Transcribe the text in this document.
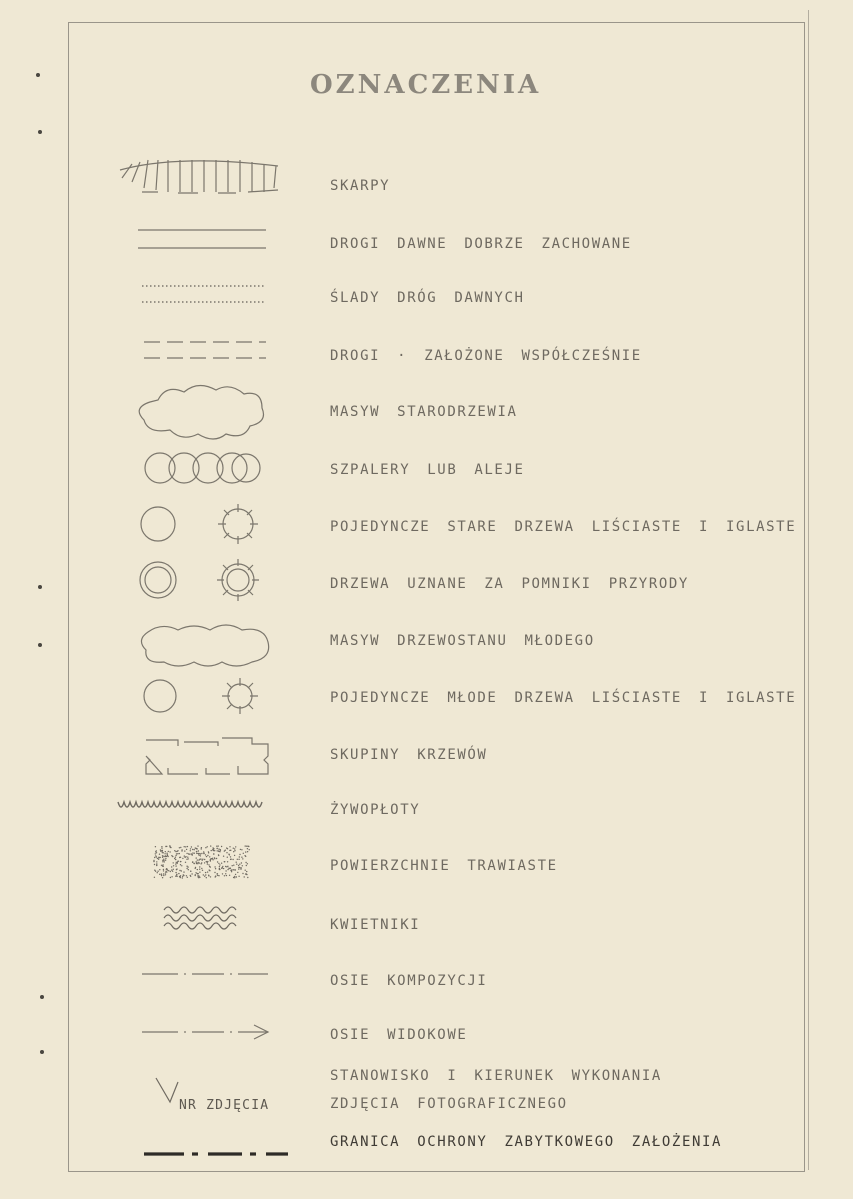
OZNACZENIA
SKARPY
DROGI DAWNE DOBRZE ZACHOWANE
ŚLADY DRÓG DAWNYCH
DROGI · ZAŁOŻONE WSPÓŁCZEŚNIE
MASYW STARODRZEWIA
SZPALERY LUB ALEJE
POJEDYNCZE STARE DRZEWA LIŚCIASTE I IGLASTE
DRZEWA UZNANE ZA POMNIKI PRZYRODY
MASYW DRZEWOSTANU MŁODEGO
POJEDYNCZE MŁODE DRZEWA LIŚCIASTE I IGLASTE
SKUPINY KRZEWÓW
ŻYWOPŁOTY
POWIERZCHNIE TRAWIASTE
KWIETNIKI
OSIE KOMPOZYCJI
OSIE WIDOKOWE
NR ZDJĘCIA
STANOWISKO I KIERUNEK WYKONANIA
ZDJĘCIA FOTOGRAFICZNEGO
GRANICA OCHRONY ZABYTKOWEGO ZAŁOŻENIA
